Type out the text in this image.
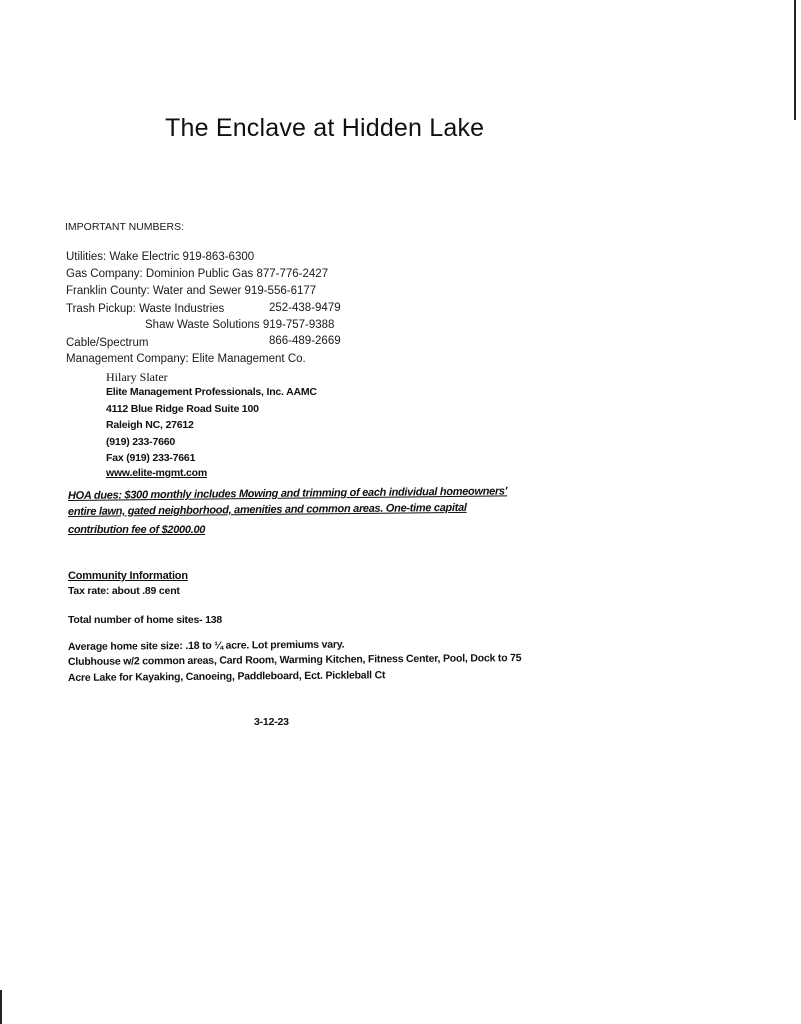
The Enclave at Hidden Lake
IMPORTANT NUMBERS:
Utilities: Wake Electric 919-863-6300
Gas Company: Dominion Public Gas 877-776-2427
Franklin County: Water and Sewer 919-556-6177
Trash Pickup: Waste Industries	252-438-9479
Shaw Waste Solutions 919-757-9388
Cable/Spectrum	866-489-2669
Management Company: Elite Management Co.
Hilary Slater
Elite Management Professionals, Inc. AAMC
4112 Blue Ridge Road Suite 100
Raleigh NC, 27612
(919) 233-7660
Fax (919) 233-7661
www.elite-mgmt.com
HOA dues: $300 monthly includes Mowing and trimming of each individual homeowners'
entire lawn, gated neighborhood, amenities and common areas. One-time capital
contribution fee of $2000.00
Community Information
Tax rate: about .89 cent
Total number of home sites- 138
Average home site size: .18 to ¼ acre. Lot premiums vary.
Clubhouse w/2 common areas, Card Room, Warming Kitchen, Fitness Center, Pool, Dock to 75
Acre Lake for Kayaking, Canoeing, Paddleboard, Ect. Pickleball Ct
3-12-23
